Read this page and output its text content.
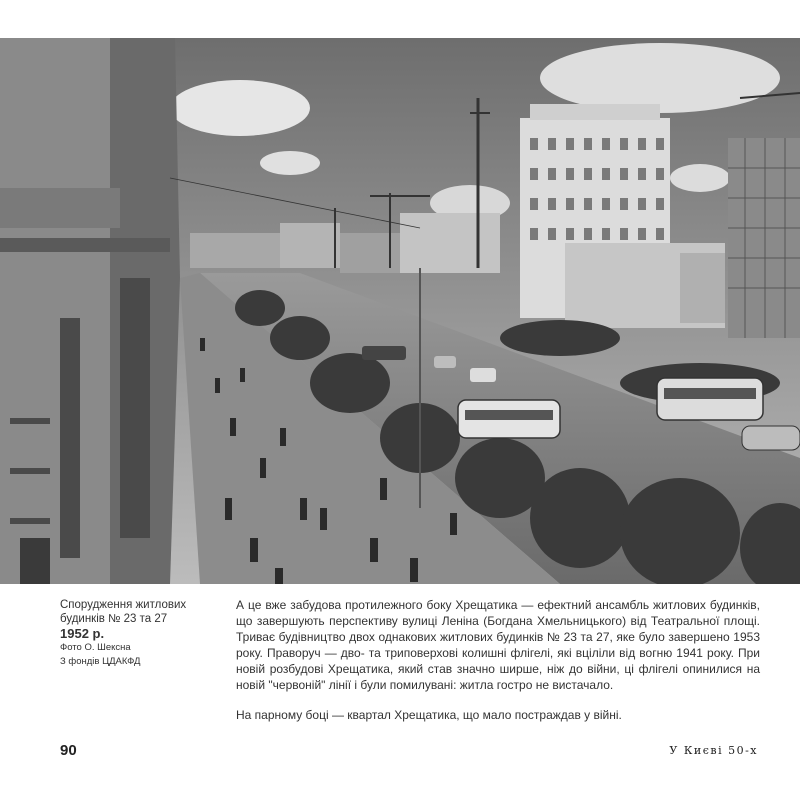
Спорудження житлових будинків № 23 та 27
1952 р.
Фото О. Шексна
З фондів ЦДАКФД

А це вже забудова протилежного боку Хрещатика — ефектний ансамбль житлових будинків, що завершують перспективу вулиці Леніна (Богдана Хмельницького) від Театральної площі. Триває будівництво двох однакових житлових будинків № 23 та 27, яке було завершено 1953 року. Праворуч — дво- та триповерхові колишні флігелі, які вціліли від вогню 1941 року. При новій розбудові Хрещатика, який став значно ширше, ніж до війни, ці флігелі опинилися на новій "червоній" лінії і були помилувані: житла гостро не вистачало.

На парному боці — квартал Хрещатика, що мало постраждав у війні.

90	У Києві 50-х
